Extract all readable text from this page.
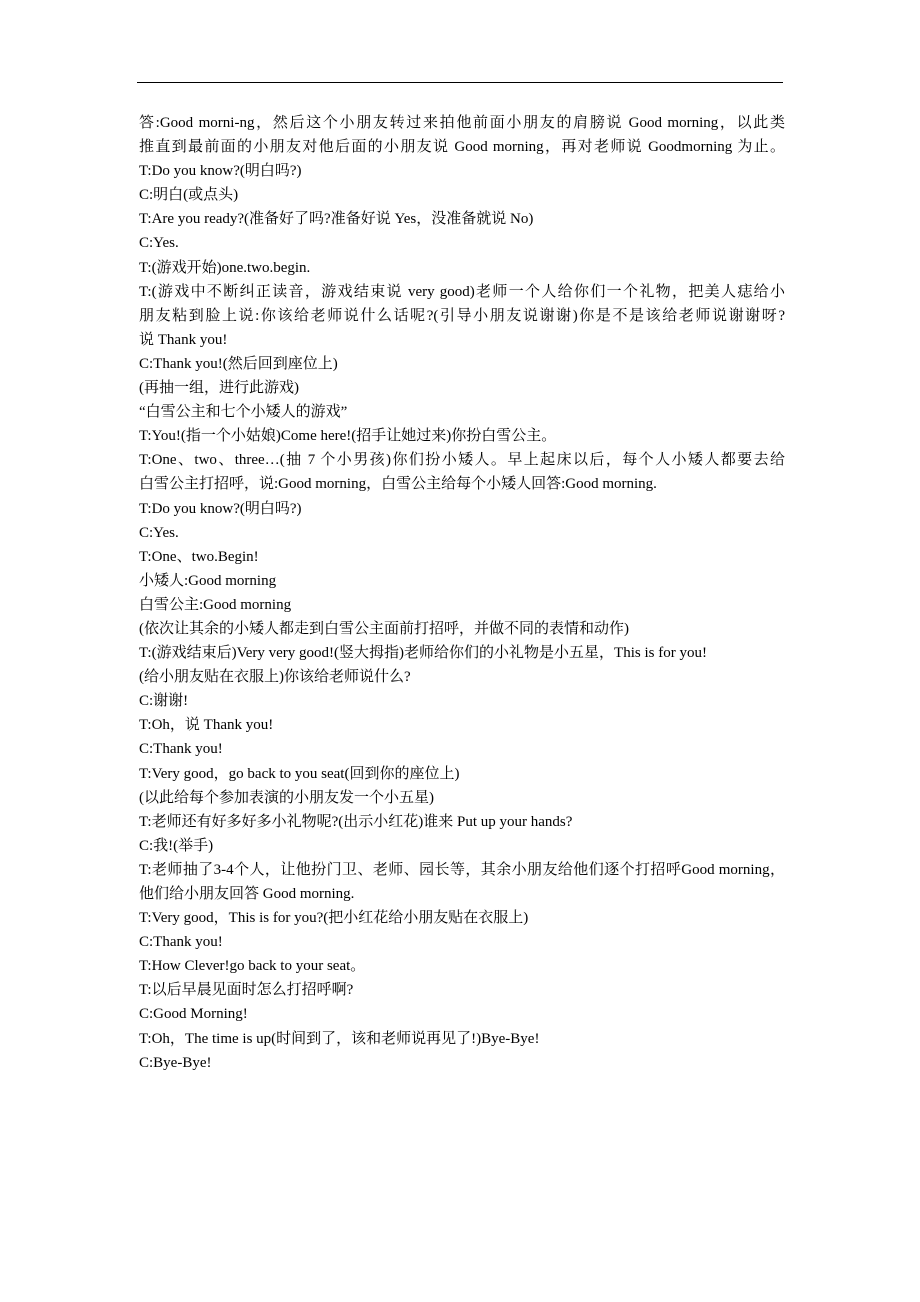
答:Good morni-ng，然后这个小朋友转过来拍他前面小朋友的肩膀说 Good morning，以此类
推直到最前面的小朋友对他后面的小朋友说 Good morning，再对老师说 Goodmorning 为止。
T:Do you know?(明白吗?)
C:明白(或点头)
T:Are you ready?(准备好了吗?准备好说 Yes，没准备就说 No)
C:Yes.
T:(游戏开始)one.two.begin.
T:(游戏中不断纠正读音，游戏结束说 very good)老师一个人给你们一个礼物，把美人痣给小
朋友粘到脸上说:你该给老师说什么话呢?(引导小朋友说谢谢)你是不是该给老师说谢谢呀?
说 Thank you!
C:Thank you!(然后回到座位上)
(再抽一组，进行此游戏)
“白雪公主和七个小矮人的游戏”
T:You!(指一个小姑娘)Come here!(招手让她过来)你扮白雪公主。
T:One、two、three…(抽 7 个小男孩)你们扮小矮人。早上起床以后，每个人小矮人都要去给
白雪公主打招呼，说:Good morning，白雪公主给每个小矮人回答:Good morning.
T:Do you know?(明白吗?)
C:Yes.
T:One、two.Begin!
小矮人:Good morning
白雪公主:Good morning
(依次让其余的小矮人都走到白雪公主面前打招呼，并做不同的表情和动作)
T:(游戏结束后)Very very good!(竖大拇指)老师给你们的小礼物是小五星，This is for you!
(给小朋友贴在衣服上)你该给老师说什么?
C:谢谢!
T:Oh，说 Thank you!
C:Thank you!
T:Very good，go back to you seat(回到你的座位上)
(以此给每个参加表演的小朋友发一个小五星)
T:老师还有好多好多小礼物呢?(出示小红花)谁来 Put up your hands?
C:我!(举手)
T:老师抽了3-4个人，让他扮门卫、老师、园长等，其余小朋友给他们逐个打招呼Good morning，
他们给小朋友回答 Good morning.
T:Very good，This is for you?(把小红花给小朋友贴在衣服上)
C:Thank you!
T:How Clever!go back to your seat。
T:以后早晨见面时怎么打招呼啊?
C:Good Morning!
T:Oh，The time is up(时间到了，该和老师说再见了!)Bye-Bye!
C:Bye-Bye!
